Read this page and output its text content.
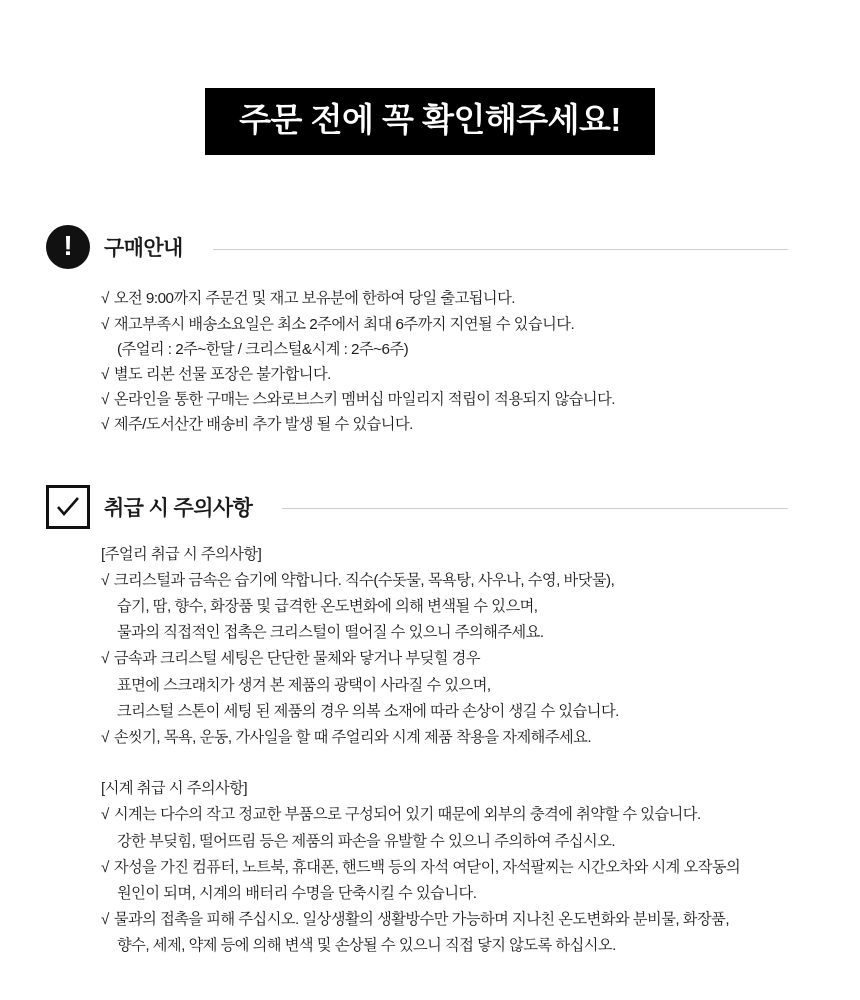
주문 전에 꼭 확인해주세요!
!	구매안내
√ 오전 9:00까지 주문건 및 재고 보유분에 한하여 당일 출고됩니다.
√ 재고부족시 배송소요일은 최소 2주에서 최대 6주까지 지연될 수 있습니다.
(주얼리 : 2주~한달 / 크리스털&시계 : 2주~6주)
√ 별도 리본 선물 포장은 불가합니다.
√ 온라인을 통한 구매는 스와로브스키 멤버십 마일리지 적립이 적용되지 않습니다.
√ 제주/도서산간 배송비 추가 발생 될 수 있습니다.
취급 시 주의사항
[주얼리 취급 시 주의사항]
√ 크리스털과 금속은 습기에 약합니다. 직수(수돗물, 목욕탕, 사우나, 수영, 바닷물),
습기, 땀, 향수, 화장품 및 급격한 온도변화에 의해 변색될 수 있으며,
물과의 직접적인 접촉은 크리스털이 떨어질 수 있으니 주의해주세요.
√ 금속과 크리스털 세팅은 단단한 물체와 닿거나 부딪힐 경우
표면에 스크래치가 생겨 본 제품의 광택이 사라질 수 있으며,
크리스털 스톤이 세팅 된 제품의 경우 의복 소재에 따라 손상이 생길 수 있습니다.
√ 손씻기, 목욕, 운동, 가사일을 할 때 주얼리와 시계 제품 착용을 자제해주세요.
[시계 취급 시 주의사항]
√ 시계는 다수의 작고 정교한 부품으로 구성되어 있기 때문에 외부의 충격에 취약할 수 있습니다.
강한 부딪힘, 떨어뜨림 등은 제품의 파손을 유발할 수 있으니 주의하여 주십시오.
√ 자성을 가진 컴퓨터, 노트북, 휴대폰, 핸드백 등의 자석 여닫이, 자석팔찌는 시간오차와 시계 오작동의
원인이 되며, 시계의 배터리 수명을 단축시킬 수 있습니다.
√ 물과의 접촉을 피해 주십시오. 일상생활의 생활방수만 가능하며 지나친 온도변화와 분비물, 화장품,
향수, 세제, 약제 등에 의해 변색 및 손상될 수 있으니 직접 닿지 않도록 하십시오.
